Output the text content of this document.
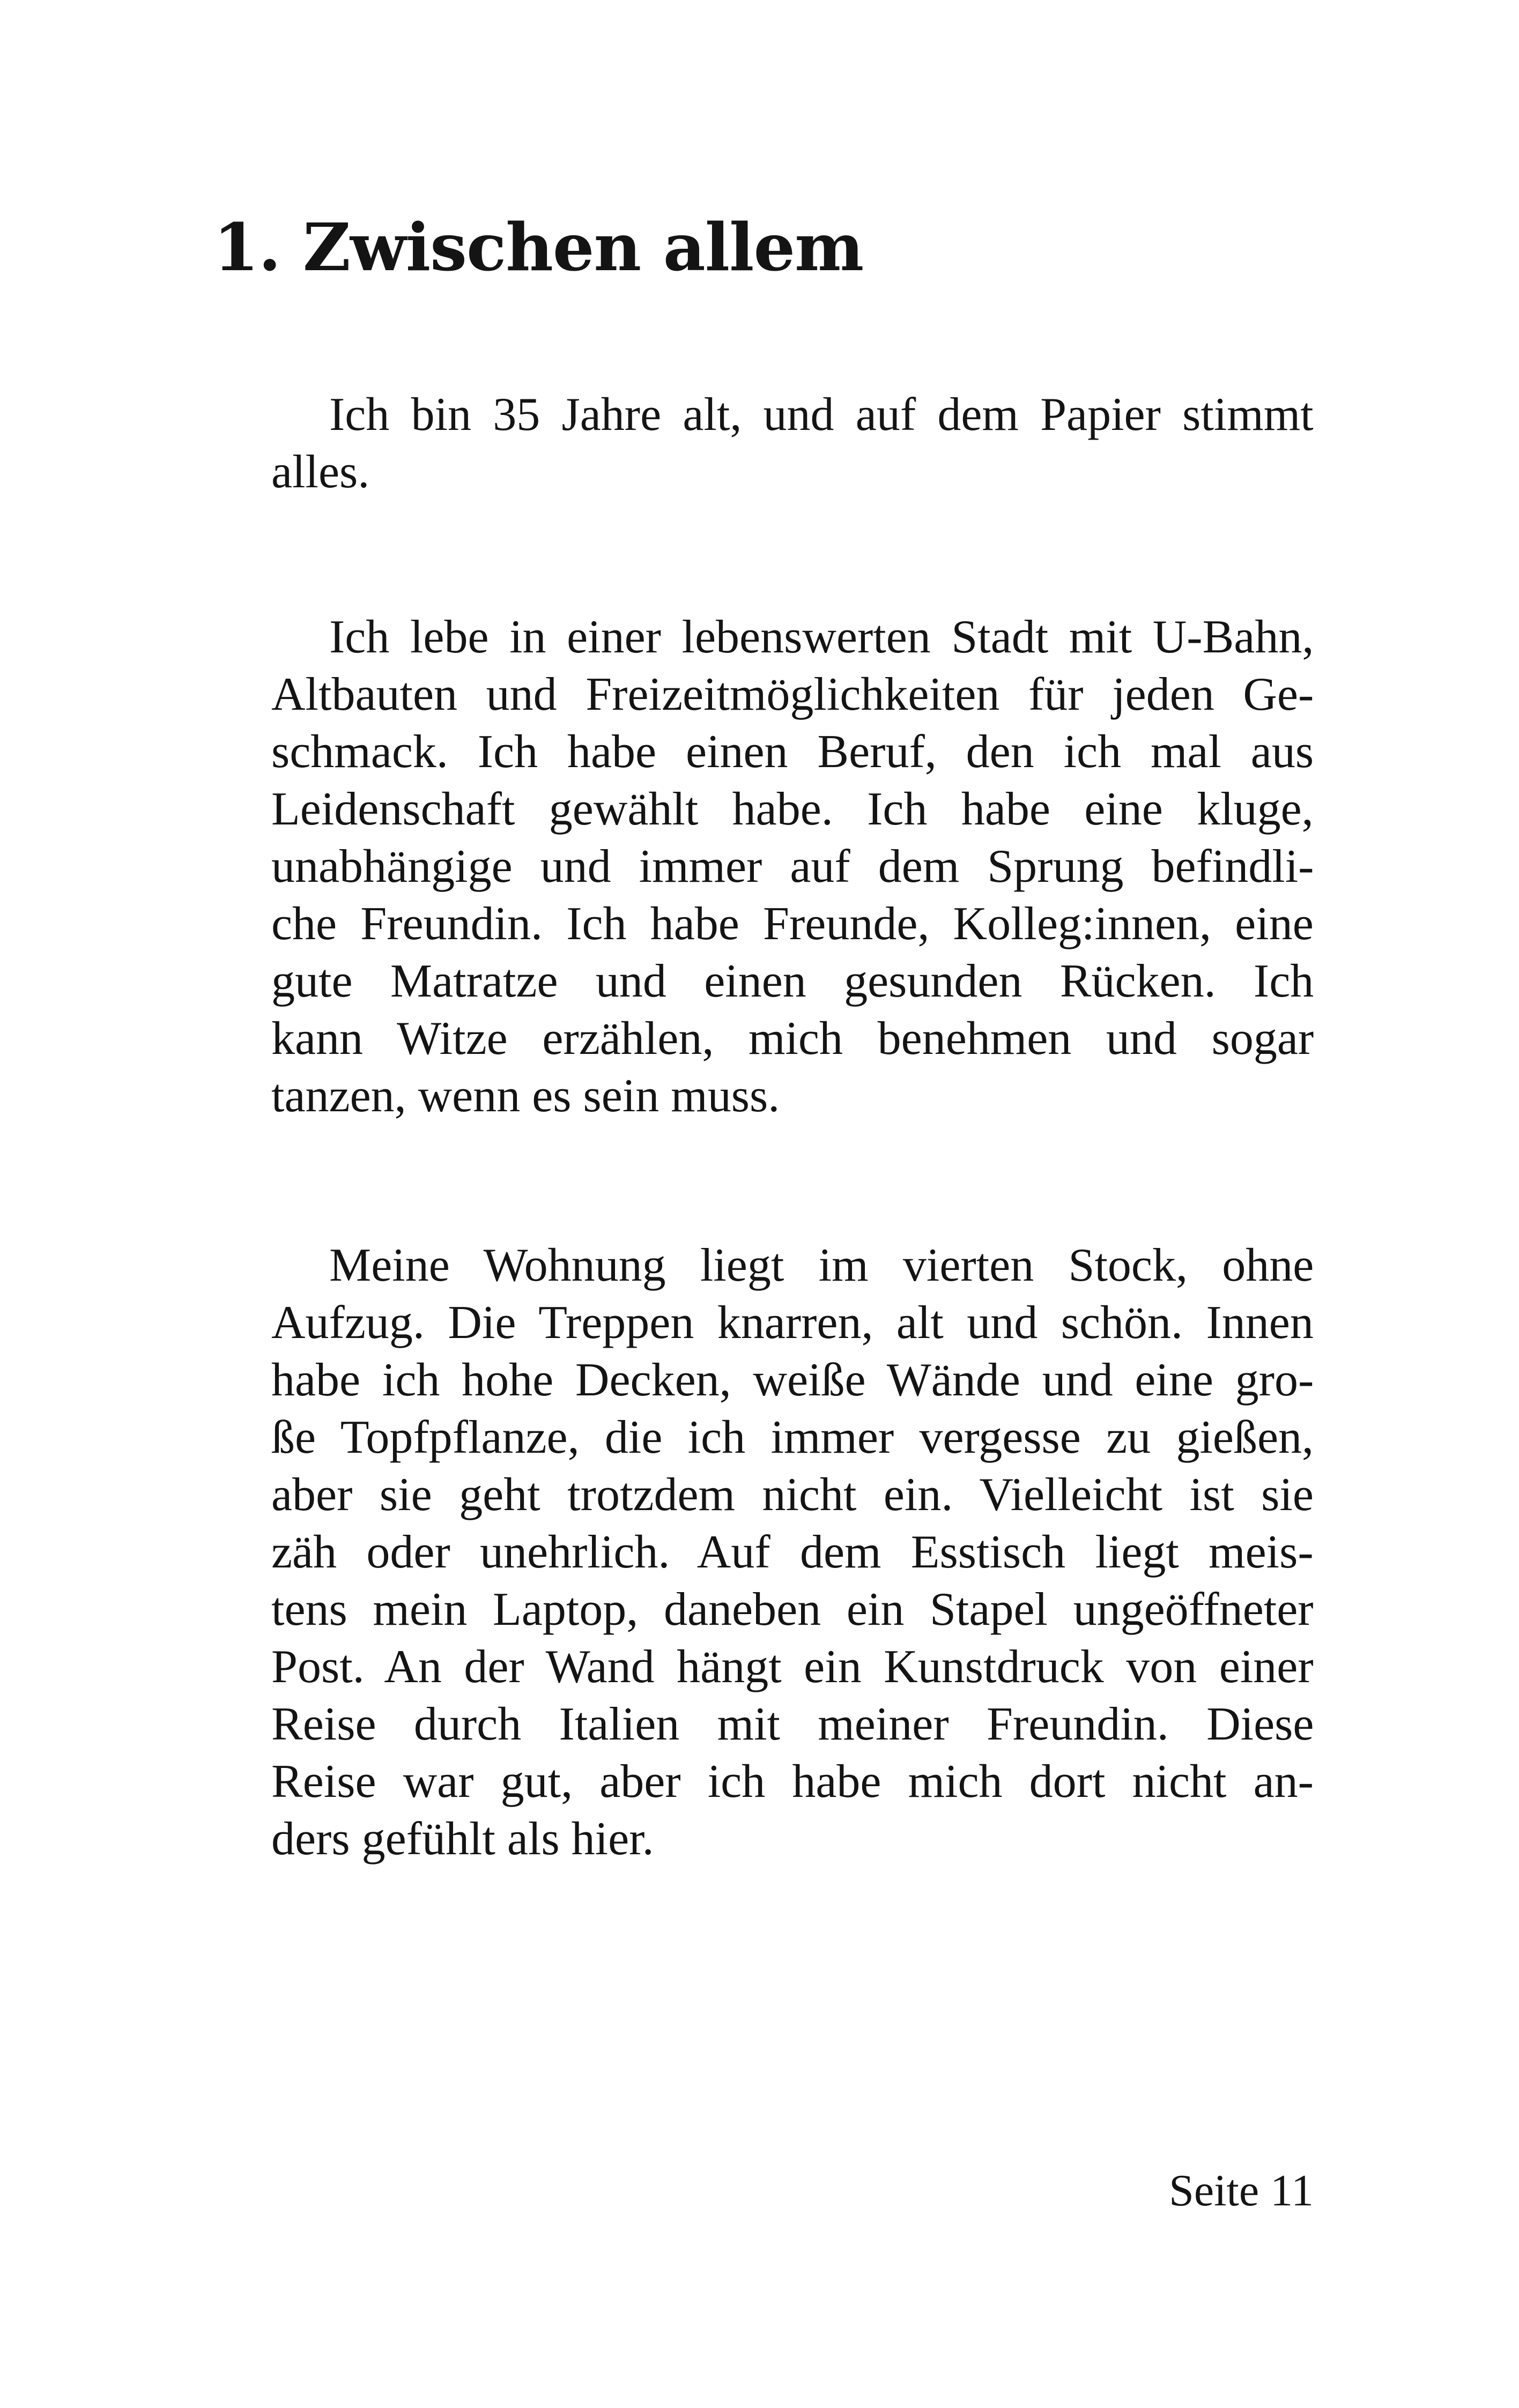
1. Zwischen allem
Ich bin 35 Jahre alt, und auf dem Papier stimmt
alles.
Ich lebe in einer lebenswerten Stadt mit U-Bahn,
Altbauten und Freizeitmöglichkeiten für jeden Ge-
schmack. Ich habe einen Beruf, den ich mal aus
Leidenschaft gewählt habe. Ich habe eine kluge,
unabhängige und immer auf dem Sprung befindli-
che Freundin. Ich habe Freunde, Kolleg:innen, eine
gute Matratze und einen gesunden Rücken. Ich
kann Witze erzählen, mich benehmen und sogar
tanzen, wenn es sein muss.
Meine Wohnung liegt im vierten Stock, ohne
Aufzug. Die Treppen knarren, alt und schön. Innen
habe ich hohe Decken, weiße Wände und eine gro-
ße Topfpflanze, die ich immer vergesse zu gießen,
aber sie geht trotzdem nicht ein. Vielleicht ist sie
zäh oder unehrlich. Auf dem Esstisch liegt meis-
tens mein Laptop, daneben ein Stapel ungeöffneter
Post. An der Wand hängt ein Kunstdruck von einer
Reise durch Italien mit meiner Freundin. Diese
Reise war gut, aber ich habe mich dort nicht an-
ders gefühlt als hier.

Seite 11
